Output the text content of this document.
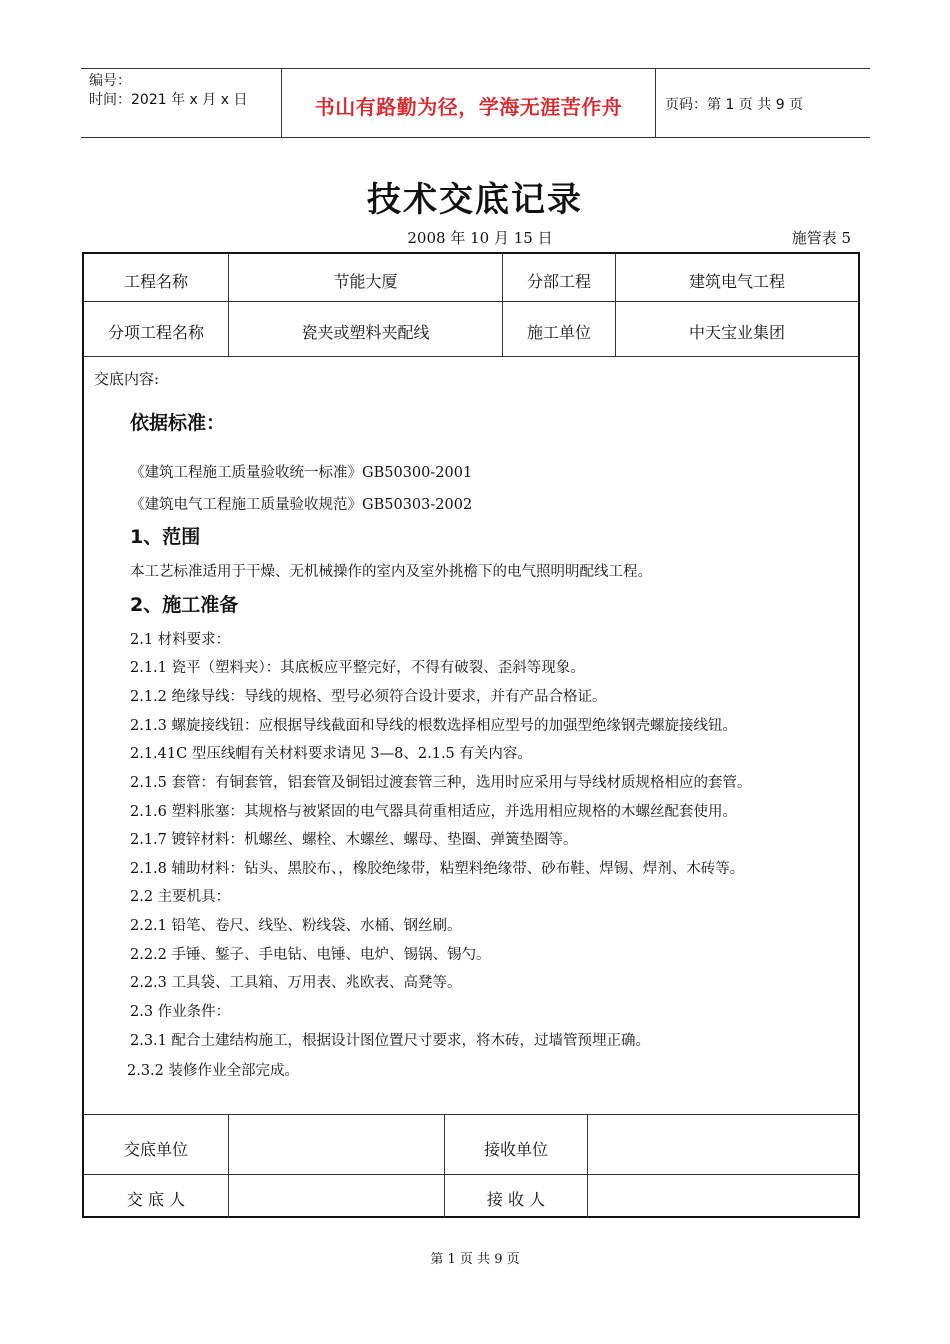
编号：
时间：2021 年 x 月 x 日	书山有路勤为径，学海无涯苦作舟	页码：第 1 页 共 9 页
技术交底记录
2008 年 10 月 15 日	施管表 5
工程名称	节能大厦	分部工程	建筑电气工程
分项工程名称	瓷夹或塑料夹配线	施工单位	中天宝业集团
交底内容:
依据标准：
《建筑工程施工质量验收统一标准》GB50300-2001
《建筑电气工程施工质量验收规范》GB50303-2002
1、范围
本工艺标准适用于干燥、无机械操作的室内及室外挑檐下的电气照明明配线工程。
2、施工准备
2.1 材料要求：
2.1.1 瓷平（塑料夹）：其底板应平整完好，不得有破裂、歪斜等现象。
2.1.2 绝缘导线：导线的规格、型号必须符合设计要求，并有产品合格证。
2.1.3 螺旋接线钮：应根据导线截面和导线的根数选择相应型号的加强型绝缘钢壳螺旋接线钮。
2.1.41C 型压线帽有关材料要求请见 3—8、2.1.5 有关内容。
2.1.5 套管：有铜套管，铝套管及铜铝过渡套管三种，选用时应采用与导线材质规格相应的套管。
2.1.6 塑料胀塞：其规格与被紧固的电气器具荷重相适应，并选用相应规格的木螺丝配套使用。
2.1.7 镀锌材料：机螺丝、螺栓、木螺丝、螺母、垫圈、弹簧垫圈等。
2.1.8 辅助材料：钻头、黑胶布、，橡胶绝缘带，粘塑料绝缘带、砂布鞋、焊锡、焊剂、木砖等。
2.2 主要机具：
2.2.1 铅笔、卷尺、线坠、粉线袋、水桶、钢丝刷。
2.2.2 手锤、錾子、手电钻、电锤、电炉、锡锅、锡勺。
2.2.3 工具袋、工具箱、万用表、兆欧表、高凳等。
2.3 作业条件：
2.3.1 配合土建结构施工，根据设计图位置尺寸要求，将木砖，过墙管预埋正确。
2.3.2 装修作业全部完成。
交底单位	接收单位
交 底 人	接 收 人
第 1 页 共 9 页
